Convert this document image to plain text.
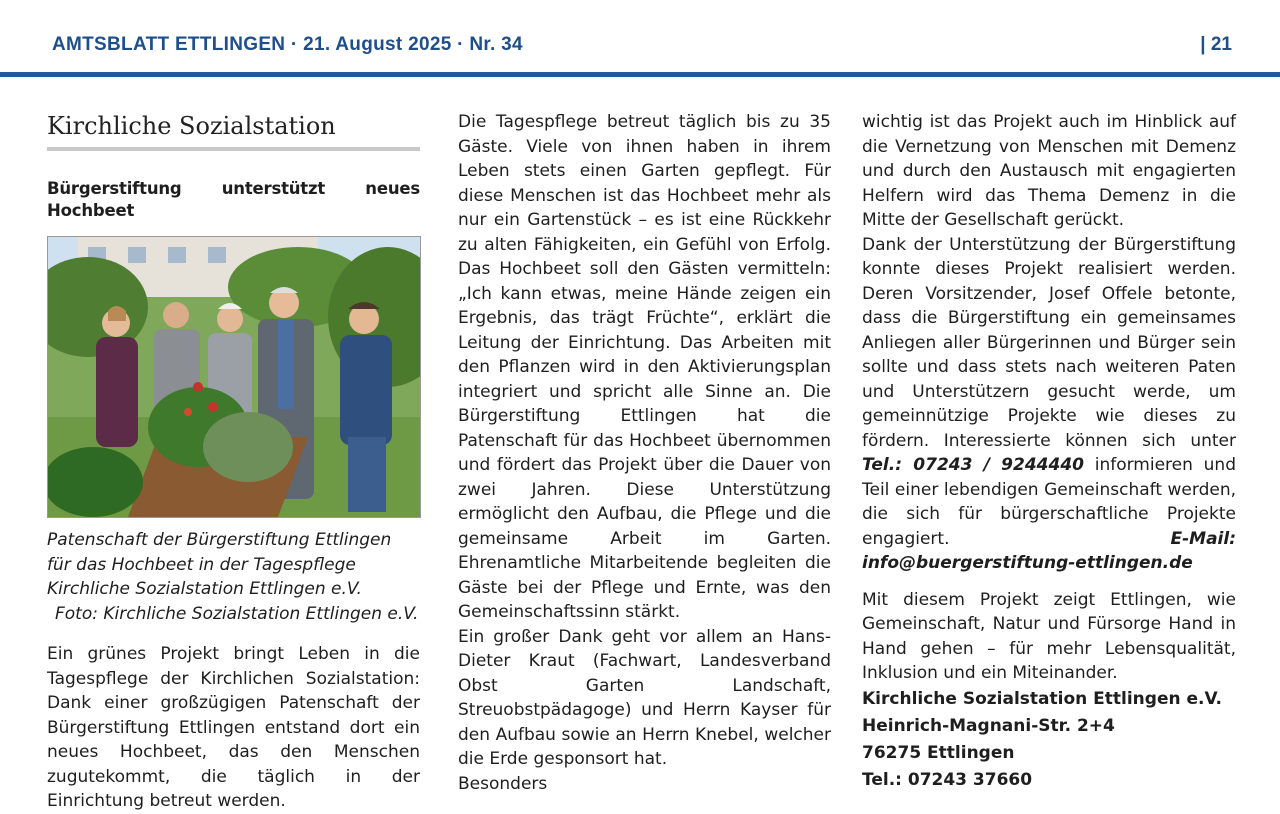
AMTSBLATT ETTLINGEN · 21. August 2025 · Nr. 34	| 21
Kirchliche Sozialstation
Bürgerstiftung unterstützt neues Hochbeet
Patenschaft der Bürgerstiftung Ettlingen für das Hochbeet in der Tagespflege Kirchliche Sozialstation Ettlingen e.V.
Foto: Kirchliche Sozialstation Ettlingen e.V.

Ein grünes Projekt bringt Leben in die Tagespflege der Kirchlichen Sozialstation: Dank einer großzügigen Patenschaft der Bürgerstiftung Ettlingen entstand dort ein neues Hochbeet, das den Menschen zugutekommt, die täglich in der Einrichtung betreut werden.

Die Tagespflege betreut täglich bis zu 35 Gäste. Viele von ihnen haben in ihrem Leben stets einen Garten gepflegt. Für diese Menschen ist das Hochbeet mehr als nur ein Gartenstück – es ist eine Rückkehr zu alten Fähigkeiten, ein Gefühl von Erfolg. Das Hochbeet soll den Gästen vermitteln: „Ich kann etwas, meine Hände zeigen ein Ergebnis, das trägt Früchte“, erklärt die Leitung der Einrichtung. Das Arbeiten mit den Pflanzen wird in den Aktivierungsplan integriert und spricht alle Sinne an. Die Bürgerstiftung Ettlingen hat die Patenschaft für das Hochbeet übernommen und fördert das Projekt über die Dauer von zwei Jahren. Diese Unterstützung ermöglicht den Aufbau, die Pflege und die gemeinsame Arbeit im Garten. Ehrenamtliche Mitarbeitende begleiten die Gäste bei der Pflege und Ernte, was den Gemeinschaftssinn stärkt.

Ein großer Dank geht vor allem an Hans-Dieter Kraut (Fachwart, Landesverband Obst Garten Landschaft, Streuobstpädagoge) und Herrn Kayser für den Aufbau sowie an Herrn Knebel, welcher die Erde gesponsort hat.

Besonders

wichtig ist das Projekt auch im Hinblick auf die Vernetzung von Menschen mit Demenz und durch den Austausch mit engagierten Helfern wird das Thema Demenz in die Mitte der Gesellschaft gerückt.

Dank der Unterstützung der Bürgerstiftung konnte dieses Projekt realisiert werden. Deren Vorsitzender, Josef Offele betonte, dass die Bürgerstiftung ein gemeinsames Anliegen aller Bürgerinnen und Bürger sein sollte und dass stets nach weiteren Paten und Unterstützern gesucht werde, um gemeinnützige Projekte wie dieses zu fördern. Interessierte können sich unter Tel.: 07243 / 9244440 informieren und Teil einer lebendigen Gemeinschaft werden, die sich für bürgerschaftliche Projekte engagiert. E-Mail: info@buergerstiftung-ettlingen.de

Mit diesem Projekt zeigt Ettlingen, wie Gemeinschaft, Natur und Fürsorge Hand in Hand gehen – für mehr Lebensqualität, Inklusion und ein Miteinander.

Kirchliche Sozialstation Ettlingen e.V.
Heinrich-Magnani-Str. 2+4
76275 Ettlingen
Tel.: 07243 37660
